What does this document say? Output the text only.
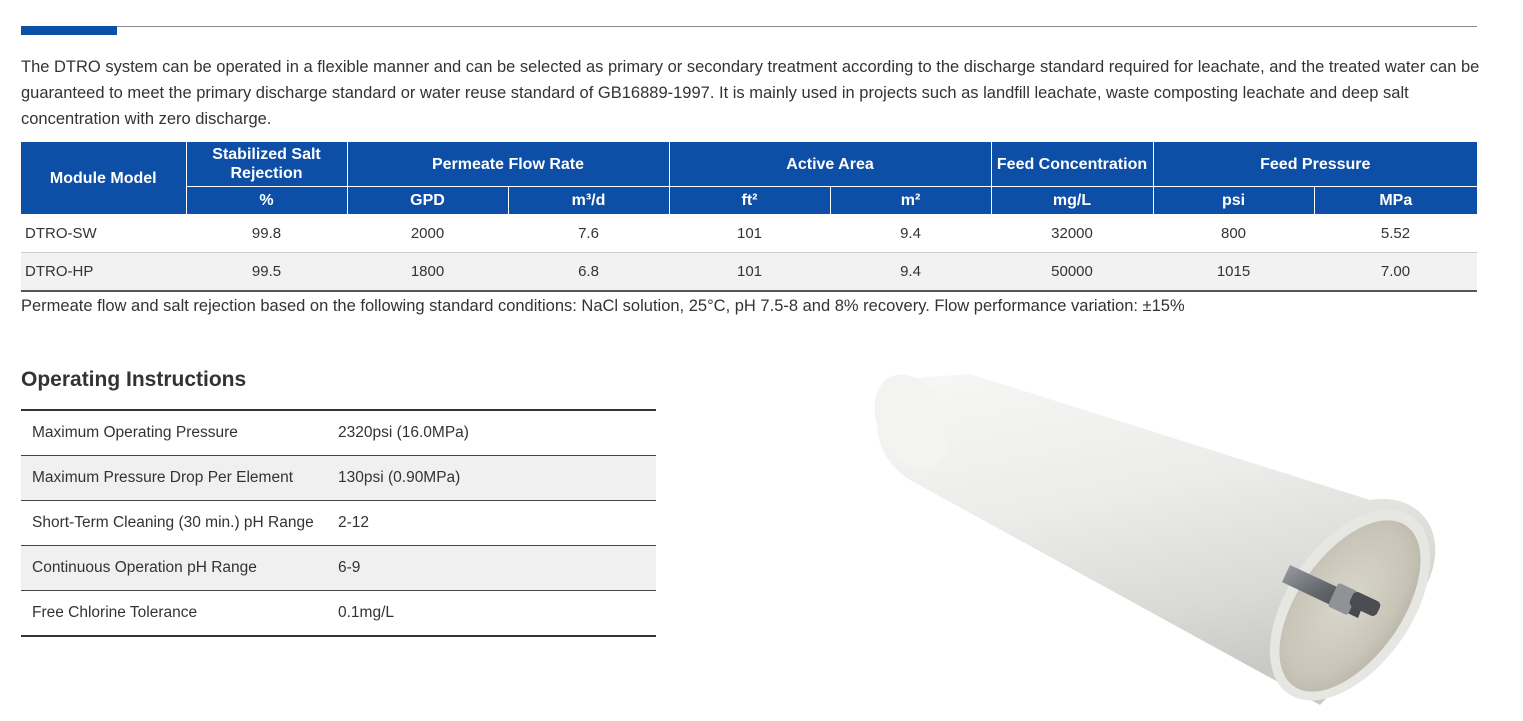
The DTRO system can be operated in a flexible manner and can be selected as primary or secondary treatment according to the discharge standard required for leachate, and the treated water can be guaranteed to meet the primary discharge standard or water reuse standard of GB16889-1997. It is mainly used in projects such as landfill leachate, waste composting leachate and deep salt concentration with zero discharge.

Module Model	Stabilized Salt Rejection	Permeate Flow Rate		Active Area		Feed Concentration	Feed Pressure	
	%	GPD	m³/d	ft²	m²	mg/L	psi	MPa
DTRO-SW	99.8	2000	7.6	101	9.4	32000	800	5.52
DTRO-HP	99.5	1800	6.8	101	9.4	50000	1015	7.00
Permeate flow and salt rejection based on the following standard conditions: NaCl solution, 25°C, pH 7.5-8 and 8% recovery. Flow performance variation: ±15%
Operating Instructions
Maximum Operating Pressure	2320psi (16.0MPa)
Maximum Pressure Drop Per Element	130psi (0.90MPa)
Short-Term Cleaning (30 min.) pH Range	2-12
Continuous Operation pH Range	6-9
Free Chlorine Tolerance	0.1mg/L
